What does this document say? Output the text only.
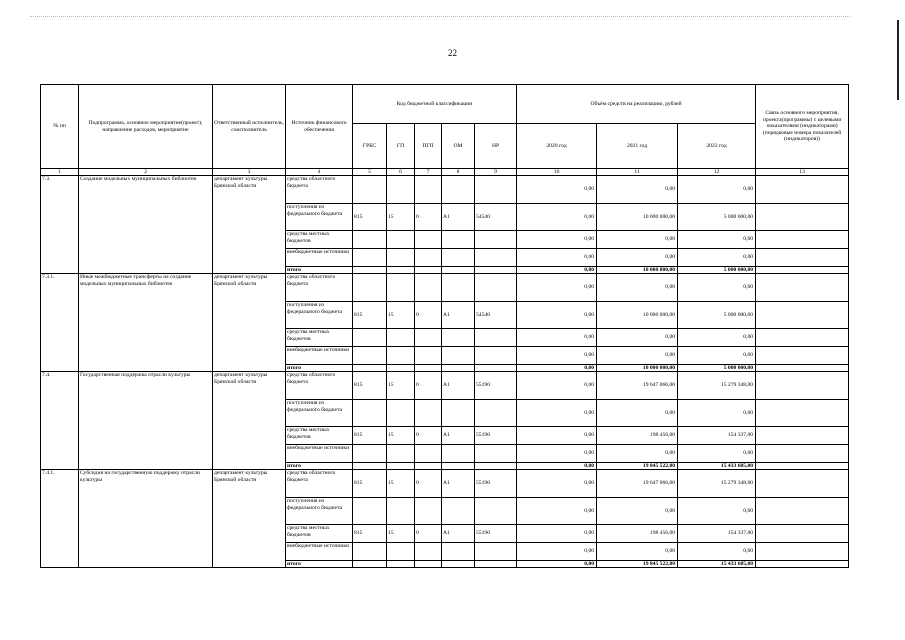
22
№ пп	Подпрограмма, основное мероприятие(проект), направление расходов, мероприятие	Ответственный исполнитель, соисполнитель	Источник финансового обеспечения	Код бюджетной классификации					Объём средств на реализацию, рублей			Связь основного мероприятия, проекта(программы) с целевыми показателями (индикаторами) (порядковые номера показателей (индикаторов))
				ГРБС	ГП	ПГП	ОМ	НР	2020 год	2021 год	2022 год	
1	2	3	4	5	6	7	8	9	10	11	12	13
7.3.	Создание модельных муниципальных библиотек	департамент культуры Брянской области	средства областного бюджета						0,00	0,00	0,00	
			поступления из федерального бюджета	815	15	0	A1	54540	0,00	10 000 000,00	5 000 000,00	
			средства местных бюджетов						0,00	0,00	0,00	
			внебюджетные источники						0,00	0,00	0,00	
			итого						0,00	10 000 000,00	5 000 000,00	
7.3.1.	Иные межбюджетные трансферты на создание модельных муниципальных библиотек	департамент культуры Брянской области	средства областного бюджета						0,00	0,00	0,00	
			поступления из федерального бюджета	815	15	0	A1	54540	0,00	10 000 000,00	5 000 000,00	
			средства местных бюджетов						0,00	0,00	0,00	
			внебюджетные источники						0,00	0,00	0,00	
			итого						0,00	10 000 000,00	5 000 000,00	
7.4.	Государственная поддержка отрасли культуры	департамент культуры Брянской области	средства областного бюджета	815	15	0	A1	55190	0,00	19 647 066,00	15 279 348,00	
			поступления из федерального бюджета						0,00	0,00	0,00	
			средства местных бюджетов	815	15	0	A1	55190	0,00	198 456,00	154 337,00	
			внебюджетные источники						0,00	0,00	0,00	
			итого						0,00	19 845 522,00	15 433 685,00	
7.4.1.	Субсидия на государственную поддержку отрасли культуры	департамент культуры Брянской области	средства областного бюджета	815	15	0	A1	55190	0,00	19 647 066,00	15 279 348,00	
			поступления из федерального бюджета						0,00	0,00	0,00	
			средства местных бюджетов	815	15	0	A1	55190	0,00	198 456,00	154 337,00	
			внебюджетные источники						0,00	0,00	0,00	
			итого						0,00	19 845 522,00	15 433 685,00	
